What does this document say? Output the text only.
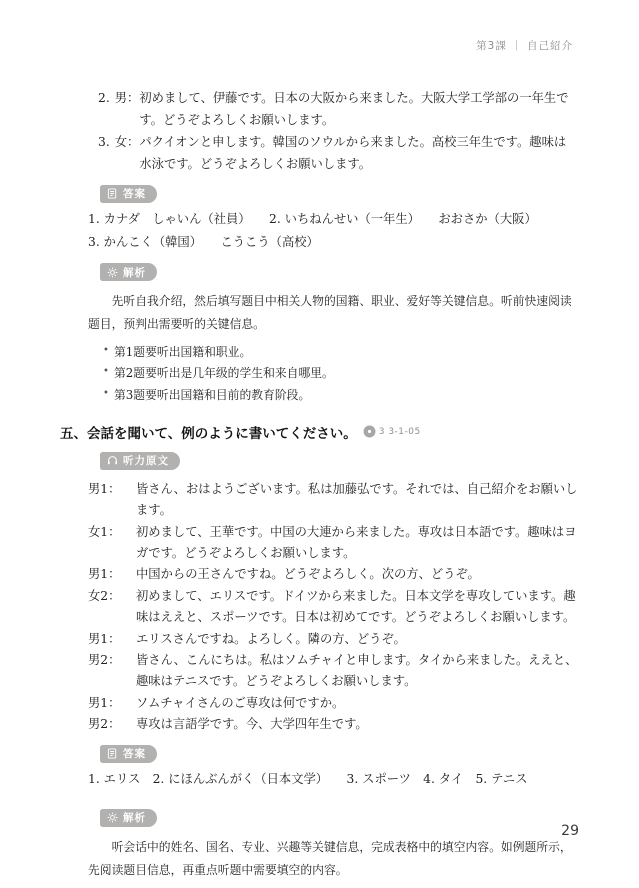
第3課 ｜ 自己紹介
2. 男： 初めまして、伊藤です。日本の大阪から来ました。大阪大学工学部の一年生です。どうぞよろしくお願いします。
3. 女： パクイオンと申します。韓国のソウルから来ました。高校三年生です。趣味は水泳です。どうぞよろしくお願いします。
答案
1. カナダ　しゃいん（社員）　　2. いちねんせい（一年生）　　おおさか（大阪）
3. かんこく（韓国）　　こうこう（高校）
解析

先听自我介绍，然后填写题目中相关人物的国籍、职业、爱好等关键信息。听前快速阅读题目，预判出需要听的关键信息。

• 第1题要听出国籍和职业。
• 第2题要听出是几年级的学生和来自哪里。
• 第3题要听出国籍和目前的教育阶段。
五、会話を聞いて、例のように書いてください。 3 3-1-05
听力原文
男1：	皆さん、おはようございます。私は加藤弘です。それでは、自己紹介をお願いします。
女1：	初めまして、王華です。中国の大連から来ました。専攻は日本語です。趣味はヨガです。どうぞよろしくお願いします。
男1：	中国からの王さんですね。どうぞよろしく。次の方、どうぞ。
女2：	初めまして、エリスです。ドイツから来ました。日本文学を専攻しています。趣味はええと、スポーツです。日本は初めてです。どうぞよろしくお願いします。
男1：	エリスさんですね。よろしく。隣の方、どうぞ。
男2：	皆さん、こんにちは。私はソムチャイと申します。タイから来ました。ええと、趣味はテニスです。どうぞよろしくお願いします。
男1：	ソムチャイさんのご専攻は何ですか。
男2：	専攻は言語学です。今、大学四年生です。
答案
1. エリス　2. にほんぶんがく（日本文学）　　3. スポーツ　4. タイ　5. テニス
解析

听会话中的姓名、国名、专业、兴趣等关键信息，完成表格中的填空内容。如例题所示，先阅读题目信息，再重点听题中需要填空的内容。

29
